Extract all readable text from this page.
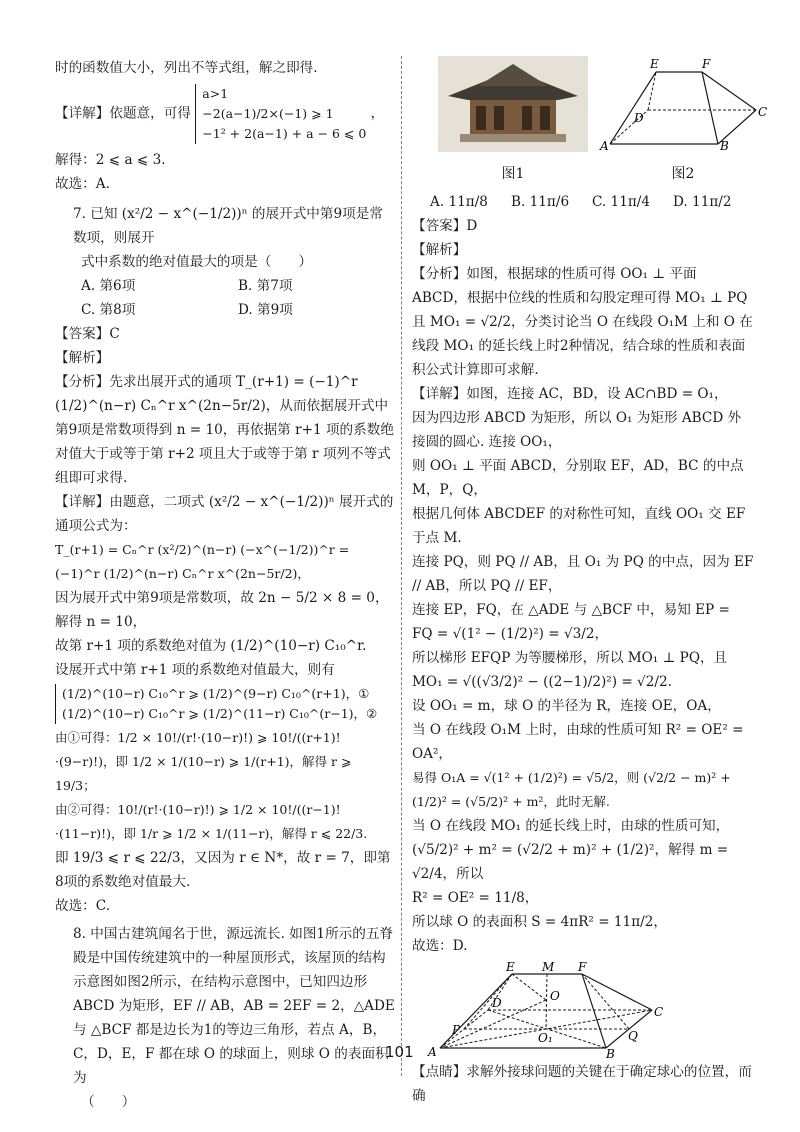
时的函数值大小，列出不等式组，解之即得.

【详解】依题意，可得
a>1
−2(a−1)/2×(−1) ⩾ 1
−1² + 2(a−1) + a − 6 ⩽ 0
，

解得：2 ⩽ a ⩽ 3.

故选：A.

7. 已知 (x²/2 − x^(−1/2))ⁿ 的展开式中第9项是常数项，则展开

式中系数的绝对值最大的项是（　　）

A. 第6项	B. 第7项
C. 第8项	D. 第9项

【答案】C

【解析】

【分析】先求出展开式的通项 T_(r+1) = (−1)^r (1/2)^(n−r) Cₙ^r x^(2n−5r/2)，从而依据展开式中第9项是常数项得到 n = 10，再依据第 r+1 项的系数绝对值大于或等于第 r+2 项且大于或等于第 r 项列不等式组即可求得.

【详解】由题意，二项式 (x²/2 − x^(−1/2))ⁿ 展开式的通项公式为：

T_(r+1) = Cₙ^r (x²/2)^(n−r) (−x^(−1/2))^r = (−1)^r (1/2)^(n−r) Cₙ^r x^(2n−5r/2)，

因为展开式中第9项是常数项，故 2n − 5/2 × 8 = 0，解得 n = 10，

故第 r+1 项的系数绝对值为 (1/2)^(10−r) C₁₀^r.

设展开式中第 r+1 项的系数绝对值最大，则有

(1/2)^(10−r) C₁₀^r ⩾ (1/2)^(9−r) C₁₀^(r+1)，①
(1/2)^(10−r) C₁₀^r ⩾ (1/2)^(11−r) C₁₀^(r−1)，②

由①可得：1/2 × 10!/(r!·(10−r)!) ⩾ 10!/((r+1)!·(9−r)!)，即 1/2 × 1/(10−r) ⩾ 1/(r+1)，解得 r ⩾ 19/3；

由②可得：10!/(r!·(10−r)!) ⩾ 1/2 × 10!/((r−1)!·(11−r)!)，即 1/r ⩾ 1/2 × 1/(11−r)，解得 r ⩽ 22/3.

即 19/3 ⩽ r ⩽ 22/3，又因为 r ∈ N*，故 r = 7，即第8项的系数绝对值最大.

故选：C.

8. 中国古建筑闻名于世，源远流长. 如图1所示的五脊殿是中国传统建筑中的一种屋顶形式，该屋顶的结构示意图如图2所示，在结构示意图中，已知四边形 ABCD 为矩形，EF // AB，AB = 2EF = 2，△ADE 与 △BCF 都是边长为1的等边三角形，若点 A，B，C，D，E，F 都在球 O 的球面上，则球 O 的表面积为

（　　）

图1
E	F
D	C
A	B
图2
A. 11π/8	B. 11π/6	C. 11π/4	D. 11π/2

【答案】D

【解析】

【分析】如图，根据球的性质可得 OO₁ ⊥ 平面 ABCD，根据中位线的性质和勾股定理可得 MO₁ ⊥ PQ 且 MO₁ = √2/2，分类讨论当 O 在线段 O₁M 上和 O 在线段 MO₁ 的延长线上时2种情况，结合球的性质和表面积公式计算即可求解.

【详解】如图，连接 AC，BD，设 AC∩BD = O₁，

因为四边形 ABCD 为矩形，所以 O₁ 为矩形 ABCD 外接圆的圆心. 连接 OO₁，

则 OO₁ ⊥ 平面 ABCD，分别取 EF，AD，BC 的中点 M，P，Q，

根据几何体 ABCDEF 的对称性可知，直线 OO₁ 交 EF 于点 M.

连接 PQ，则 PQ // AB，且 O₁ 为 PQ 的中点，因为 EF // AB，所以 PQ // EF，

连接 EP，FQ，在 △ADE 与 △BCF 中，易知 EP = FQ = √(1² − (1/2)²) = √3/2，

所以梯形 EFQP 为等腰梯形，所以 MO₁ ⊥ PQ，且 MO₁ = √((√3/2)² − ((2−1)/2)²) = √2/2.

设 OO₁ = m，球 O 的半径为 R，连接 OE，OA，

当 O 在线段 O₁M 上时，由球的性质可知 R² = OE² = OA²，

易得 O₁A = √(1² + (1/2)²) = √5/2，则 (√2/2 − m)² + (1/2)² = (√5/2)² + m²，此时无解.

当 O 在线段 MO₁ 的延长线上时，由球的性质可知，

(√5/2)² + m² = (√2/2 + m)² + (1/2)²，解得 m = √2/4，所以

R² = OE² = 11/8，

所以球 O 的表面积 S = 4πR² = 11π/2，

故选：D.

E M F
D	O
C
P
O₁	Q
A	B

【点睛】求解外接球问题的关键在于确定球心的位置，而确

101
